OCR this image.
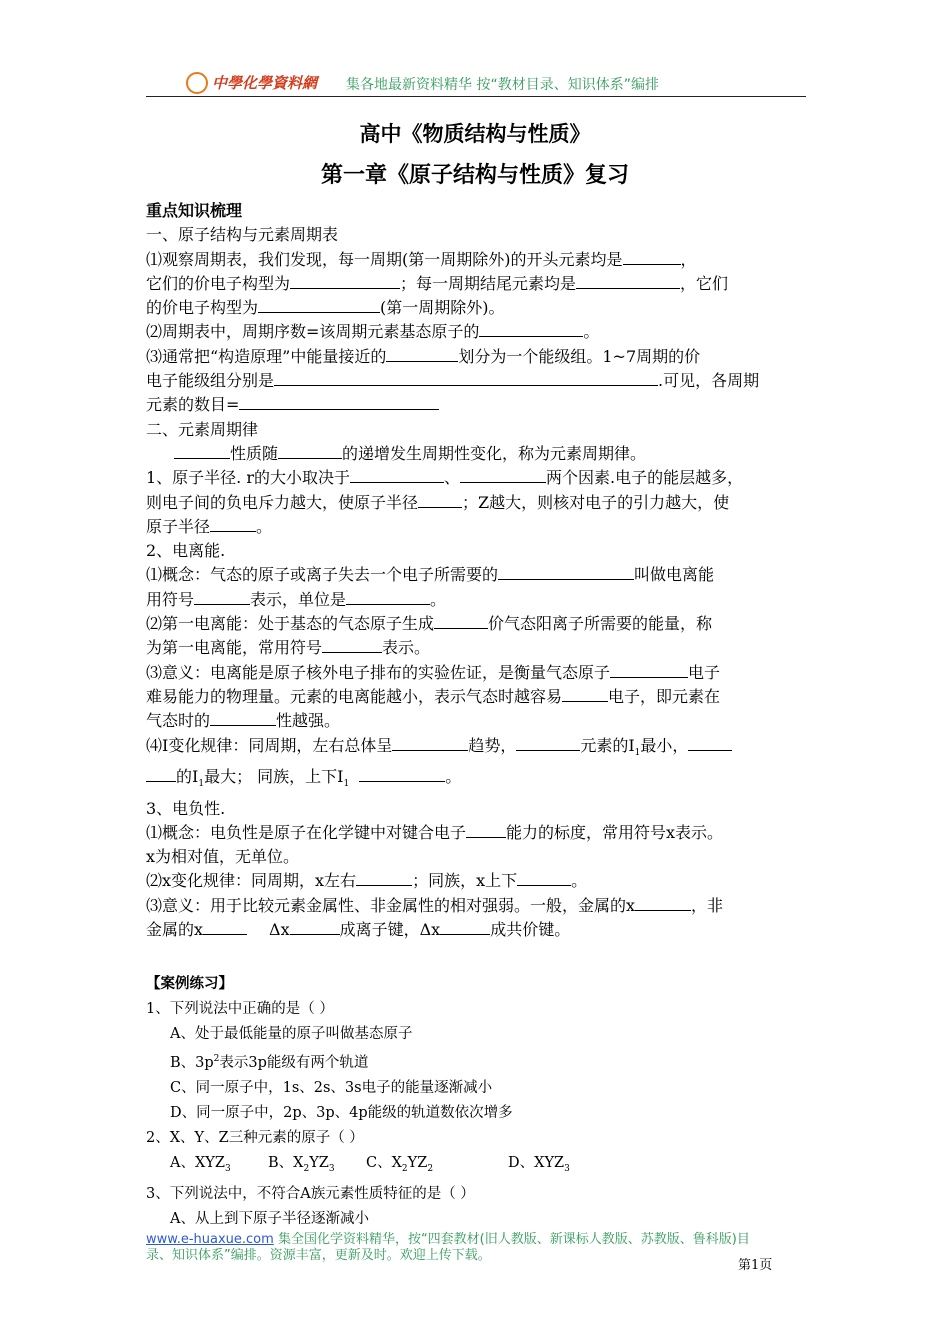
中學化學資料網 集各地最新资料精华 按“教材目录、知识体系”编排
高中《物质结构与性质》
第一章《原子结构与性质》复习

重点知识梳理

一、原子结构与元素周期表

⑴观察周期表，我们发现，每一周期(第一周期除外)的开头元素均是	，

它们的价电子构型为	；每一周期结尾元素均是	，它们

的价电子构型为	(第一周期除外)。

⑵周期表中，周期序数=该周期元素基态原子的	。

⑶通常把“构造原理”中能量接近的	划分为一个能级组。1~7周期的价

电子能级组分别是	.可见，各周期

元素的数目=

二、元素周期律

性质随	的递增发生周期性变化，称为元素周期律。

1、原子半径. r的大小取决于	、	两个因素.电子的能层越多，

则电子间的负电斥力越大，使原子半径	；Z越大，则核对电子的引力越大，使

原子半径	。

2、电离能.

⑴概念：气态的原子或离子失去一个电子所需要的	叫做电离能

用符号	表示，单位是	。

⑵第一电离能：处于基态的气态原子生成	价气态阳离子所需要的能量，称

为第一电离能，常用符号	表示。

⑶意义：电离能是原子核外电子排布的实验佐证，是衡量气态原子	电子

难易能力的物理量。元素的电离能越小，表示气态时越容易	电子，即元素在

气态时的	性越强。

⑷I变化规律：同周期，左右总体呈	趋势，	元素的$I_1$最小，

的$I_1$最大； 同族，上下$I_1$	。

3、电负性.

⑴概念：电负性是原子在化学键中对键合电子	能力的标度，常用符号x表示。

x为相对值，无单位。

⑵x变化规律：同周期，x左右	；同族，x上下	。

⑶意义：用于比较元素金属性、非金属性的相对强弱。一般，金属的x	，非

金属的x	Δx	成离子键，Δx	成共价键。

【案例练习】

1、下列说法中正确的是（ ）

A、处于最低能量的原子叫做基态原子

B、$3p^2$表示3p能级有两个轨道

C、同一原子中，1s、2s、3s电子的能量逐渐减小

D、同一原子中，2p、3p、4p能级的轨道数依次增多

2、X、Y、Z三种元素的原子（ ）

A、$XYZ_3$	B、$X_2YZ_3$ C、$X_2YZ_2$	D、$XYZ_3$

3、下列说法中，不符合A族元素性质特征的是（ ）

A、从上到下原子半径逐渐减小

www.e-huaxue.com 集全国化学资料精华，按“四套教材(旧人教版、新课标人教版、苏教版、鲁科版)目
录、知识体系”编排。资源丰富，更新及时。欢迎上传下载。
第1页
